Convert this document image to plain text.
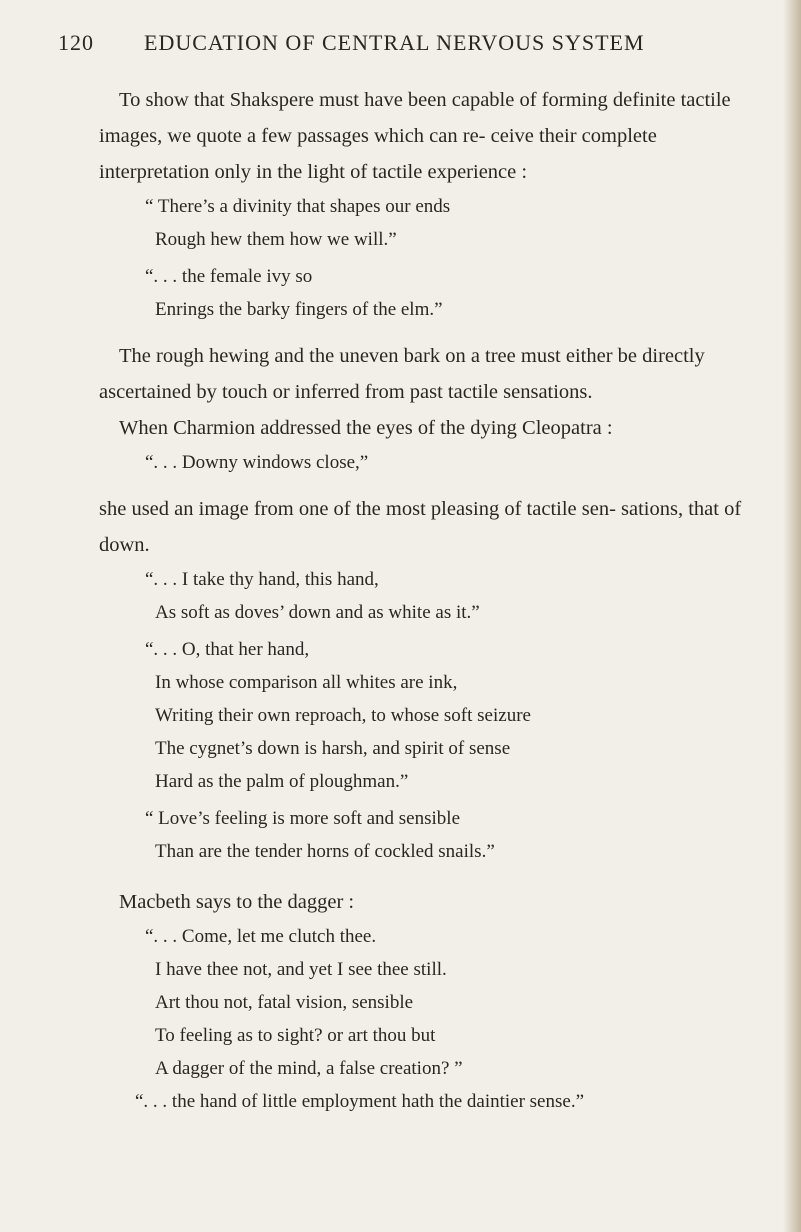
120 EDUCATION OF CENTRAL NERVOUS SYSTEM

To show that Shakspere must have been capable of forming definite tactile images, we quote a few passages which can re- ceive their complete interpretation only in the light of tactile experience :

“ There’s a divinity that shapes our ends
Rough hew them how we will.”
“. . . the female ivy so
Enrings the barky fingers of the elm.”

The rough hewing and the uneven bark on a tree must either be directly ascertained by touch or inferred from past tactile sensations.

When Charmion addressed the eyes of the dying Cleopatra :

“. . . Downy windows close,”

she used an image from one of the most pleasing of tactile sen- sations, that of down.

“. . . I take thy hand, this hand,
As soft as doves’ down and as white as it.”
“. . . O, that her hand,
In whose comparison all whites are ink,
Writing their own reproach, to whose soft seizure
The cygnet’s down is harsh, and spirit of sense
Hard as the palm of ploughman.”
“ Love’s feeling is more soft and sensible
Than are the tender horns of cockled snails.”

Macbeth says to the dagger :

“. . . Come, let me clutch thee.
I have thee not, and yet I see thee still.
Art thou not, fatal vision, sensible
To feeling as to sight? or art thou but
A dagger of the mind, a false creation? ”
“. . . the hand of little employment hath the daintier sense.”
